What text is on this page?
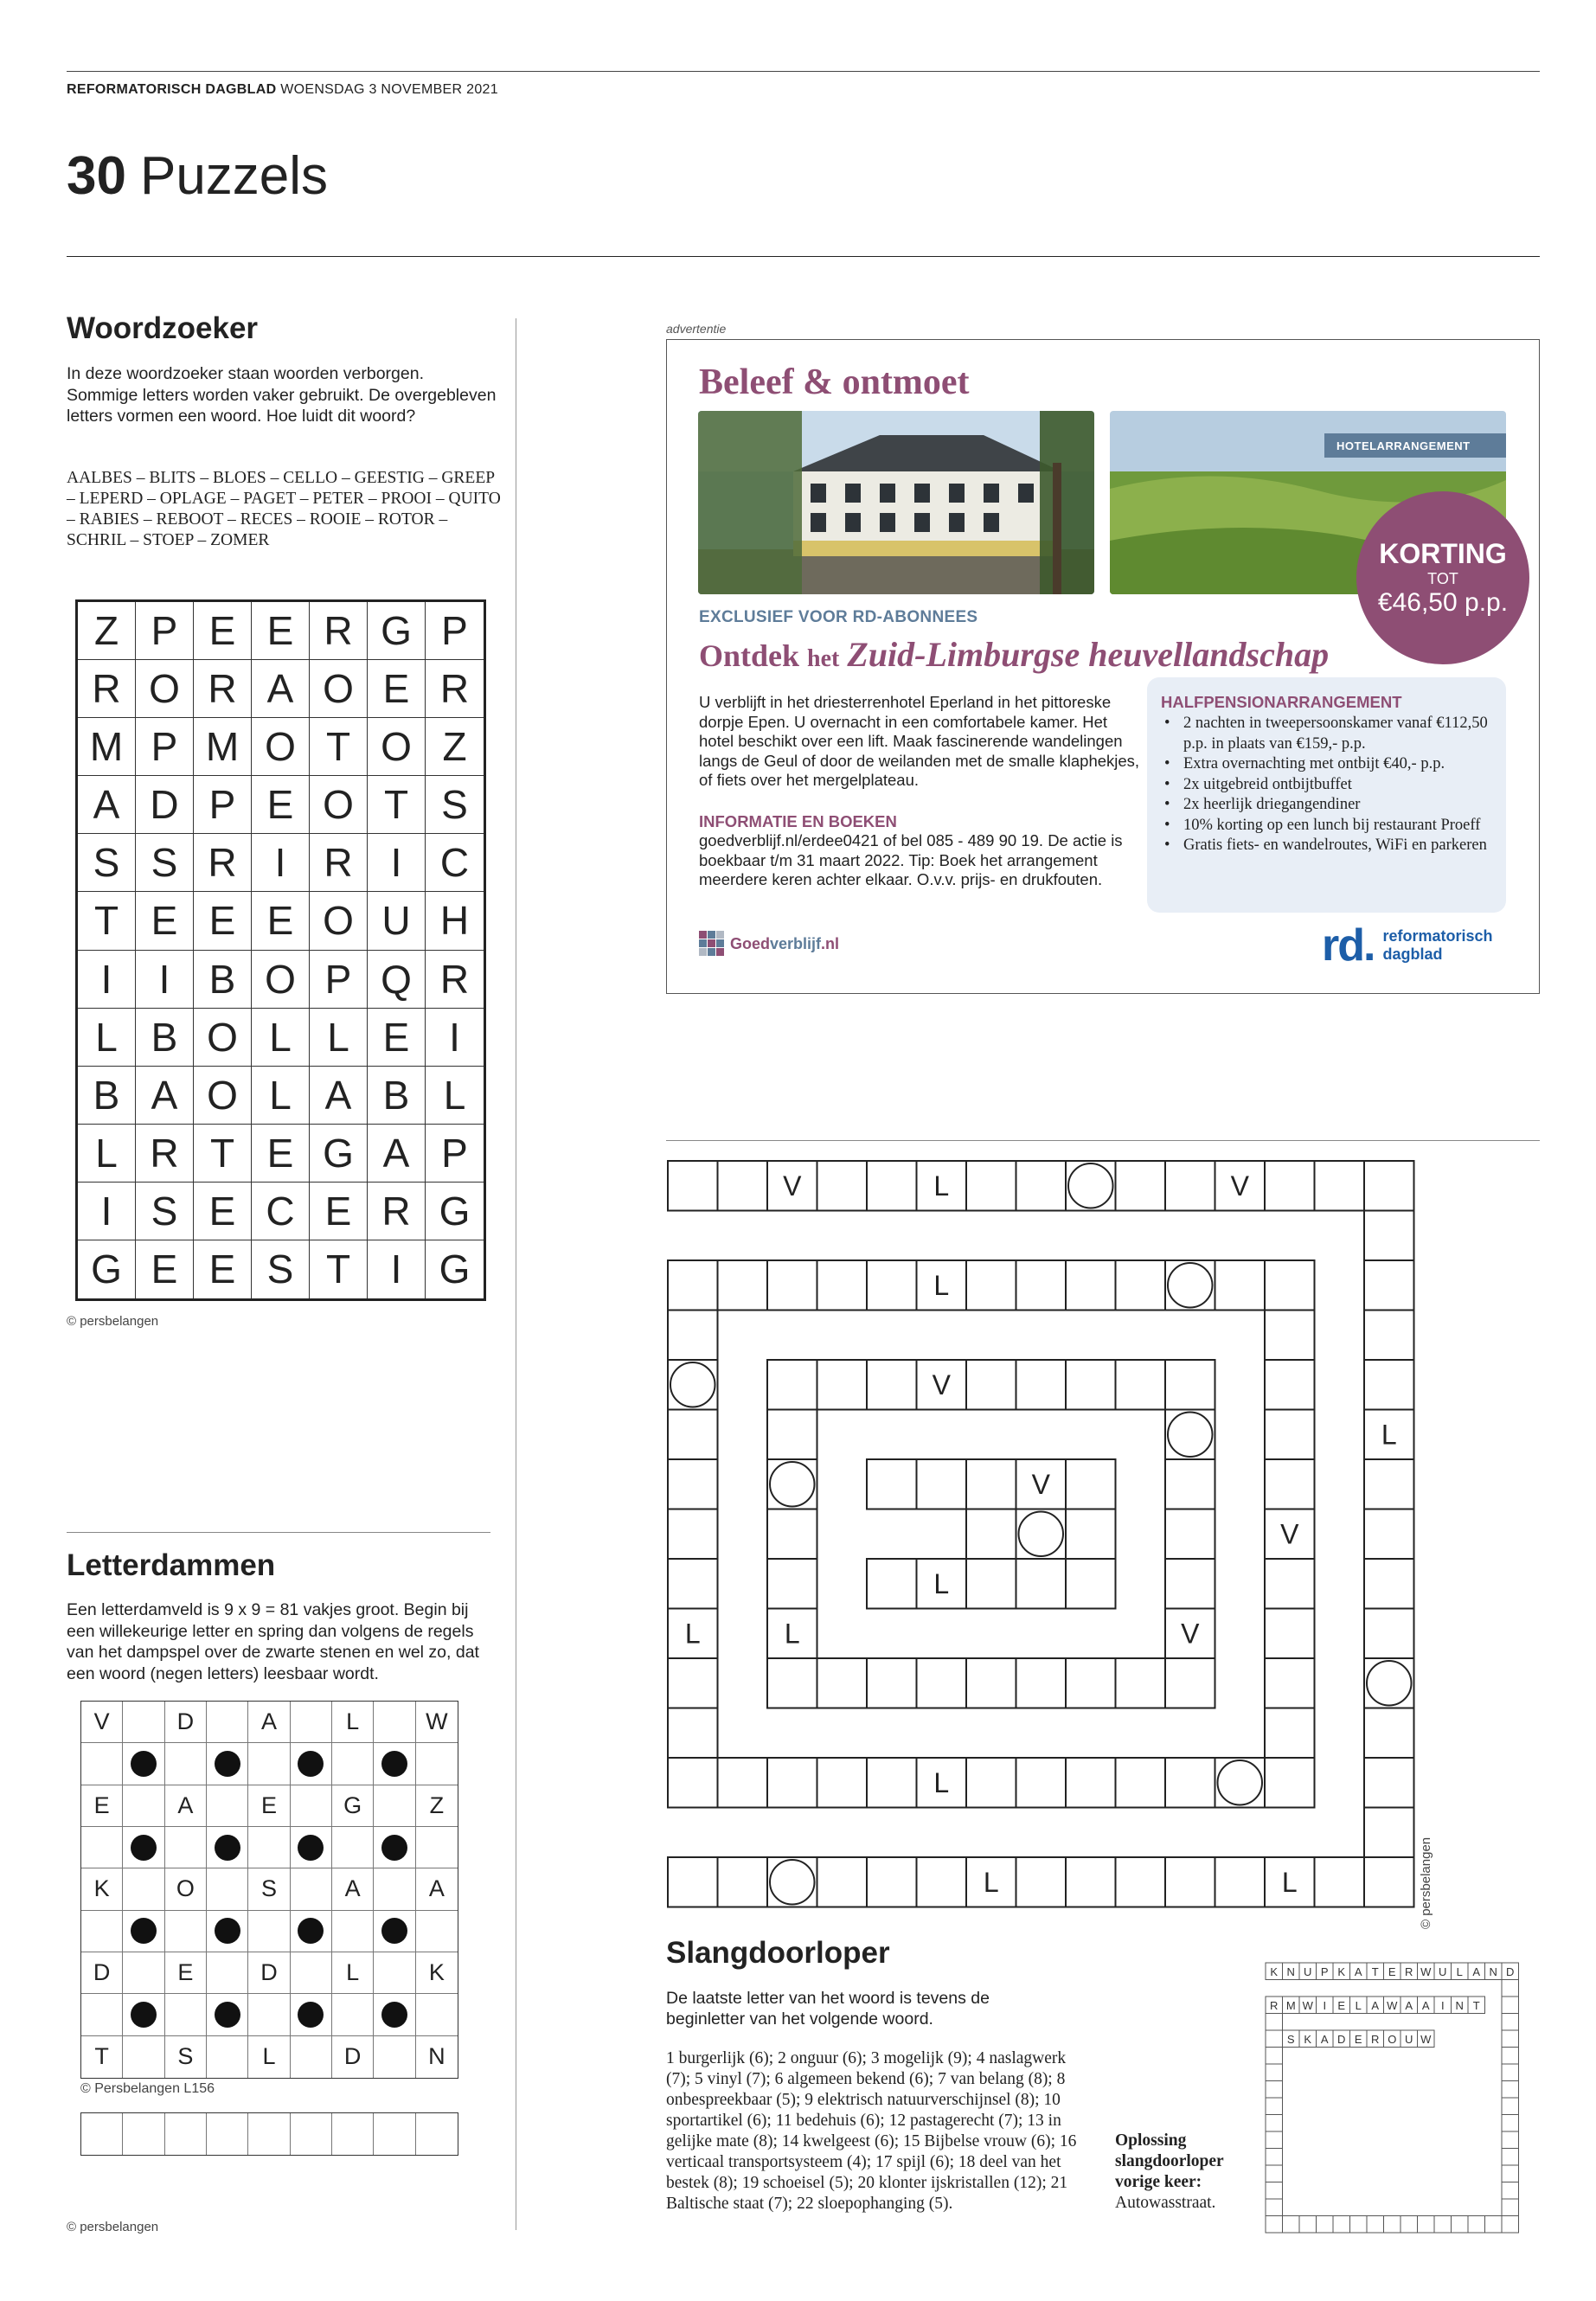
REFORMATORISCH DAGBLAD WOENSDAG 3 NOVEMBER 2021
30 Puzzels
Woordzoeker
In deze woordzoeker staan woorden verborgen. Sommige letters worden vaker gebruikt. De overgebleven letters vormen een woord. Hoe luidt dit woord?
AALBES – BLITS – BLOES – CELLO – GEESTIG – GREEP – LEPERD – OPLAGE – PAGET – PETER – PROOI – QUITO – RABIES – REBOOT – RECES – ROOIE – ROTOR – SCHRIL – STOEP – ZOMER
Z P E E R G P
R O R A O E R
M P M O T O Z
A D P E O T S
S S R I R I C
T E E E O U H
I	I B O P Q R
L B O L L E I
B A O L A B L
L R T E G A P
I S E C E R G
G E E S T	I G
© persbelangen
Letterdammen
Een letterdamveld is 9 x 9 = 81 vakjes groot. Begin bij een willekeurige letter en spring dan volgens de regels van het dampspel over de zwarte stenen en wel zo, dat een woord (negen letters) leesbaar wordt.
V	D	A	L	W
E	A	E	G	Z
K	O	S	A	A
D	E	D	L	K
T	S	L	D	N
© Persbelangen L156
© persbelangen
advertentie
Beleef & ontmoet
HOTELARRANGEMENT
KORTING
TOT
€46,50 p.p.
EXCLUSIEF VOOR RD-ABONNEES
Ontdek het Zuid-Limburgse heuvellandschap
U verblijft in het driesterrenhotel Eperland in het pittoreske dorpje Epen. U overnacht in een comfortabele kamer. Het hotel beschikt over een lift. Maak fascinerende wandelingen langs de Geul of door de weilanden met de smalle klaphekjes, of fiets over het mergelplateau.
INFORMATIE EN BOEKEN
goedverblijf.nl/erdee0421 of bel 085 - 489 90 19. De actie is boekbaar t/m 31 maart 2022. Tip: Boek het arrangement meerdere keren achter elkaar. O.v.v. prijs- en drukfouten.
HALFPENSIONARRANGEMENT
• 2 nachten in tweepersoonskamer vanaf €112,50 p.p. in plaats van €159,- p.p.
• Extra overnachting met ontbijt €40,- p.p.
• 2x uitgebreid ontbijtbuffet
• 2x heerlijk driegangendiner
• 10% korting op een lunch bij restaurant Proeff
• Gratis fiets- en wandelroutes, WiFi en parkeren
Goedverblijf.nl	rd. reformatorisch
dagblad
V	L	V
L
L
L
L
V
L
L
V
V
L
V
L
© persbelangen
Slangdoorloper
De laatste letter van het woord is tevens de beginletter van het volgende woord.
1 burgerlijk (6); 2 onguur (6); 3 mogelijk (9); 4 naslagwerk (7); 5 vinyl (7); 6 algemeen bekend (6); 7 van belang (8); 8 onbespreekbaar (5); 9 elektrisch natuurverschijnsel (8); 10 sportartikel (6); 11 bedehuis (6); 12 pastagerecht (7); 13 in gelijke mate (8); 14 kwelgeest (6); 15 Bijbelse vrouw (6); 16 verticaal transportsysteem (4); 17 spijl (6); 18 deel van het bestek (8); 19 schoeisel (5); 20 klonter ijskristallen (12); 21 Baltische staat (7); 22 sloepophanging (5).
Oplossing slangdoorloper vorige keer:
Autowasstraat.
K N U P K A T E R W U L A N D
R M W I E L A W A A I N T
S K A D E R O U W
